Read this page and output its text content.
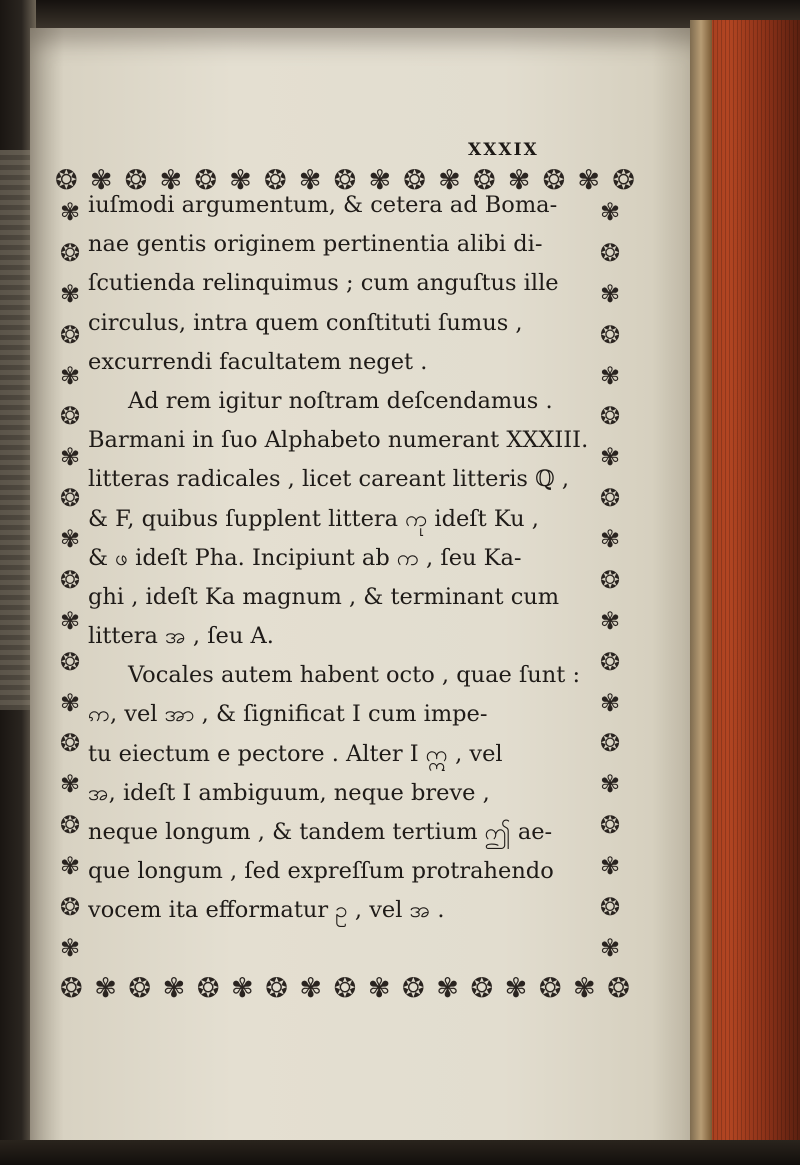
XXXIX
❂ ✾ ❂ ✾ ❂ ✾ ❂ ✾ ❂ ✾ ❂ ✾ ❂ ✾ ❂ ✾ ❂
✾
❂
✾
❂
✾
❂
✾
❂
✾
❂
✾
❂
✾
❂
✾
❂
✾
❂
✾
✾
❂
✾
❂
✾
❂
✾
❂
✾
❂
✾
❂
✾
❂
✾
❂
✾
❂
✾
iuſmodi argumentum, & cetera ad Boma-
nae gentis originem pertinentia alibi di-
ſcutienda relinquimus ; cum anguſtus ille
circulus, intra quem conſtituti ſumus ,
excurrendi facultatem neget .
Ad rem igitur noſtram deſcendamus .
Barmani in ſuo Alphabeto numerant XXXIII.
litteras radicales , licet careant litteris ℚ ,
& F, quibus ſupplent littera ကု ideſt Ku ,
& ဖ ideſt Pha. Incipiunt ab က , ſeu Ka-
ghi , ideſt Ka magnum , & terminant cum
littera အ , ſeu A.
Vocales autem habent octo , quae ſunt :
ဢ, vel အာ , & ſignificat I cum impe-
tu eiectum e pectore . Alter I ဣ , vel
အ, ideſt I ambiguum, neque breve ,
neque longum , & tandem tertium ဤ ae-
que longum , ſed expreſſum protrahendo
vocem ita efformatur ဥ , vel အ .
❂ ✾ ❂ ✾ ❂ ✾ ❂ ✾ ❂ ✾ ❂ ✾ ❂ ✾ ❂ ✾ ❂
